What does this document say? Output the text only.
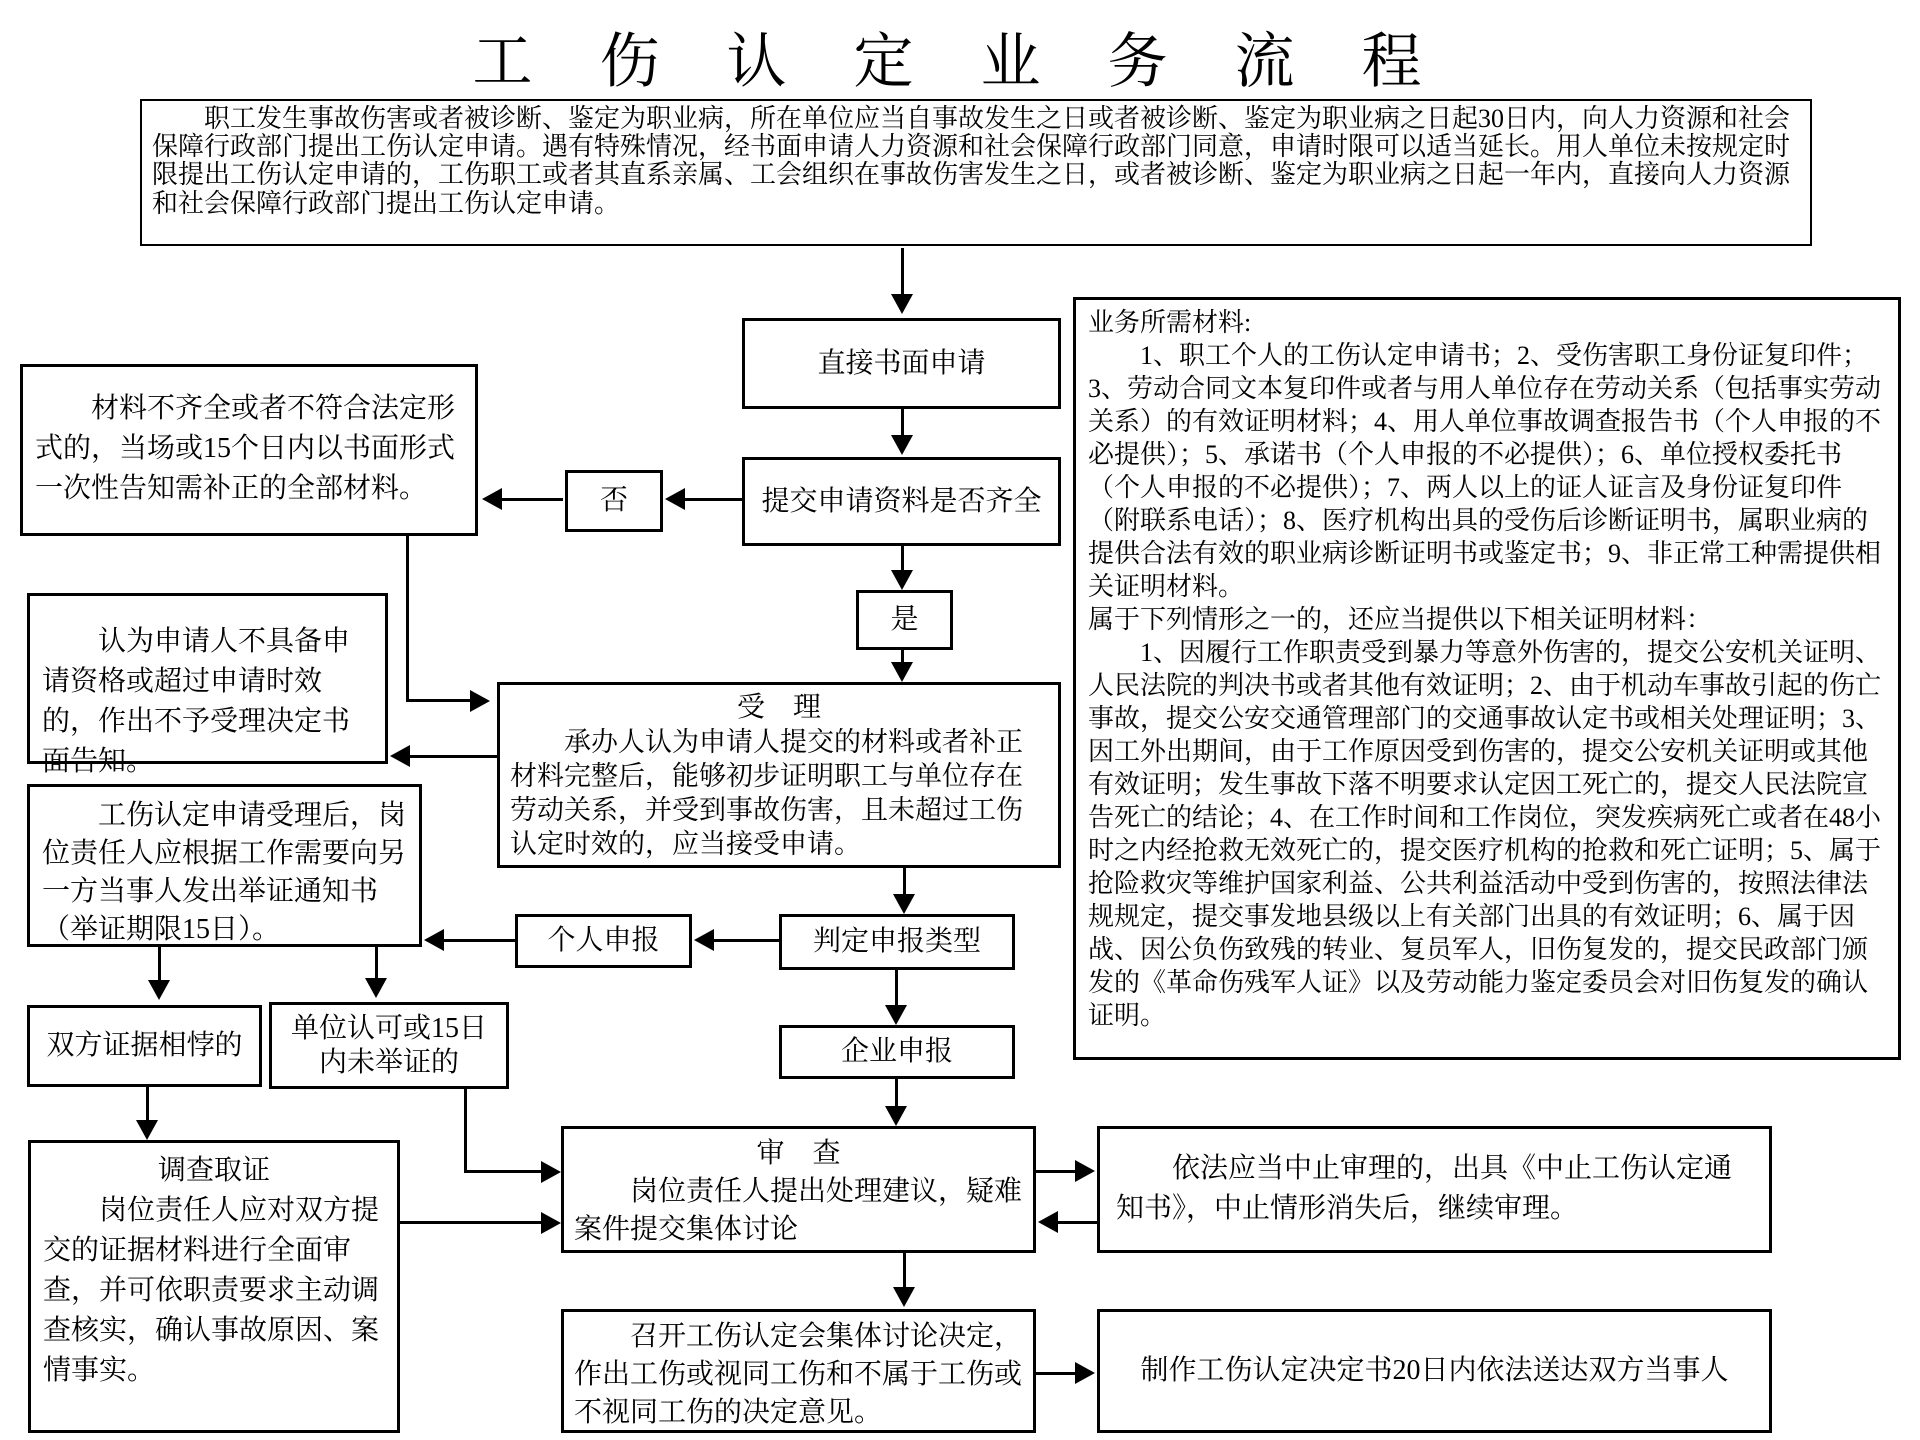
工 伤 认 定 业 务 流 程
职工发生事故伤害或者被诊断、鉴定为职业病，所在单位应当自事故发生之日或者被诊断、鉴定为职业病之日起30日内，向人力资源和社会保障行政部门提出工伤认定申请。遇有特殊情况，经书面申请人力资源和社会保障行政部门同意，申请时限可以适当延长。用人单位未按规定时限提出工伤认定申请的，工伤职工或者其直系亲属、工会组织在事故伤害发生之日，或者被诊断、鉴定为职业病之日起一年内，直接向人力资源和社会保障行政部门提出工伤认定申请。
业务所需材料:
1、职工个人的工伤认定申请书；2、受伤害职工身份证复印件；3、劳动合同文本复印件或者与用人单位存在劳动关系（包括事实劳动关系）的有效证明材料；4、用人单位事故调查报告书（个人申报的不必提供）；5、承诺书（个人申报的不必提供）；6、单位授权委托书（个人申报的不必提供）；7、两人以上的证人证言及身份证复印件（附联系电话）；8、医疗机构出具的受伤后诊断证明书，属职业病的提供合法有效的职业病诊断证明书或鉴定书；9、非正常工种需提供相关证明材料。
属于下列情形之一的，还应当提供以下相关证明材料：
1、因履行工作职责受到暴力等意外伤害的，提交公安机关证明、人民法院的判决书或者其他有效证明；2、由于机动车事故引起的伤亡事故，提交公安交通管理部门的交通事故认定书或相关处理证明；3、因工外出期间，由于工作原因受到伤害的，提交公安机关证明或其他有效证明；发生事故下落不明要求认定因工死亡的，提交人民法院宣告死亡的结论；4、在工作时间和工作岗位，突发疾病死亡或者在48小时之内经抢救无效死亡的，提交医疗机构的抢救和死亡证明；5、属于抢险救灾等维护国家利益、公共利益活动中受到伤害的，按照法律法规规定，提交事发地县级以上有关部门出具的有效证明；6、属于因战、因公负伤致残的转业、复员军人，旧伤复发的，提交民政部门颁发的《革命伤残军人证》以及劳动能力鉴定委员会对旧伤复发的确认证明。
直接书面申请
提交申请资料是否齐全
否
材料不齐全或者不符合法定形式的，当场或15个日内以书面形式一次性告知需补正的全部材料。
是
受　理
承办人认为申请人提交的材料或者补正材料完整后，能够初步证明职工与单位存在劳动关系，并受到事故伤害，且未超过工伤认定时效的，应当接受申请。
认为申请人不具备申请资格或超过申请时效的，作出不予受理决定书面告知。
工伤认定申请受理后，岗位责任人应根据工作需要向另一方当事人发出举证通知书（举证期限15日）。	判定申报类型
个人申报
企业申报
双方证据相悖的
单位认可或15日内未举证的
调查取证
岗位责任人应对双方提交的证据材料进行全面审查，并可依职责要求主动调查核实，确认事故原因、案情事实。
审　查
岗位责任人提出处理建议，疑难案件提交集体讨论
依法应当中止审理的，出具《中止工伤认定通知书》，中止情形消失后，继续审理。
召开工伤认定会集体讨论决定，作出工伤或视同工伤和不属于工伤或不视同工伤的决定意见。
制作工伤认定决定书20日内依法送达双方当事人
